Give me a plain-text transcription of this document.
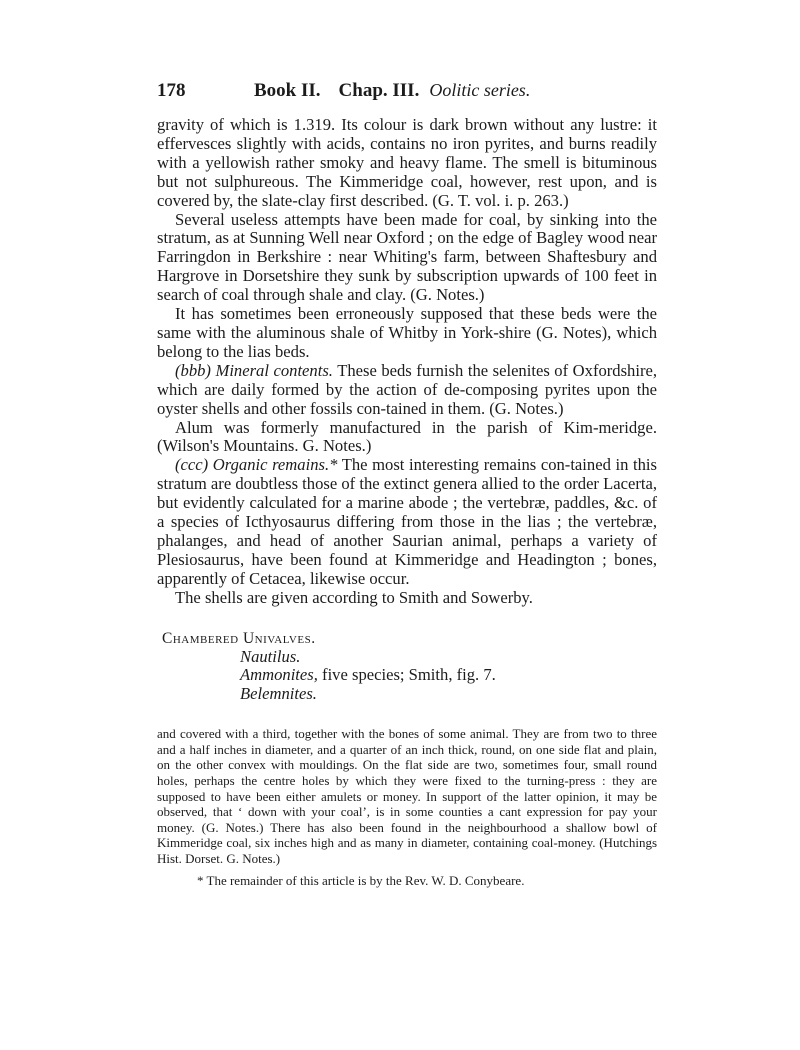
178	Book II. Chap. III. Oolitic series.

gravity of which is 1.319. Its colour is dark brown without any lustre: it effervesces slightly with acids, contains no iron pyrites, and burns readily with a yellowish rather smoky and heavy flame. The smell is bituminous but not sulphureous. The Kimmeridge coal, however, rest upon, and is covered by, the slate-clay first described. (G. T. vol. i. p. 263.)

Several useless attempts have been made for coal, by sinking into the stratum, as at Sunning Well near Oxford ; on the edge of Bagley wood near Farringdon in Berkshire : near Whiting's farm, between Shaftesbury and Hargrove in Dorsetshire they sunk by subscription upwards of 100 feet in search of coal through shale and clay. (G. Notes.)

It has sometimes been erroneously supposed that these beds were the same with the aluminous shale of Whitby in York-shire (G. Notes), which belong to the lias beds.

(bbb) Mineral contents. These beds furnish the selenites of Oxfordshire, which are daily formed by the action of de-composing pyrites upon the oyster shells and other fossils con-tained in them. (G. Notes.)

Alum was formerly manufactured in the parish of Kim-meridge. (Wilson's Mountains. G. Notes.)

(ccc) Organic remains.* The most interesting remains con-tained in this stratum are doubtless those of the extinct genera allied to the order Lacerta, but evidently calculated for a marine abode ; the vertebræ, paddles, &c. of a species of Icthyosaurus differing from those in the lias ; the vertebræ, phalanges, and head of another Saurian animal, perhaps a variety of Plesiosaurus, have been found at Kimmeridge and Headington ; bones, apparently of Cetacea, likewise occur.

The shells are given according to Smith and Sowerby.

Chambered Univalves.
Nautilus.
Ammonites, five species; Smith, fig. 7.
Belemnites.

and covered with a third, together with the bones of some animal. They are from two to three and a half inches in diameter, and a quarter of an inch thick, round, on one side flat and plain, on the other convex with mouldings. On the flat side are two, sometimes four, small round holes, perhaps the centre holes by which they were fixed to the turning-press : they are supposed to have been either amulets or money. In support of the latter opinion, it may be observed, that ‘ down with your coal’, is in some counties a cant expression for pay your money. (G. Notes.) There has also been found in the neighbourhood a shallow bowl of Kimmeridge coal, six inches high and as many in diameter, containing coal-money. (Hutchings Hist. Dorset. G. Notes.)

* The remainder of this article is by the Rev. W. D. Conybeare.
